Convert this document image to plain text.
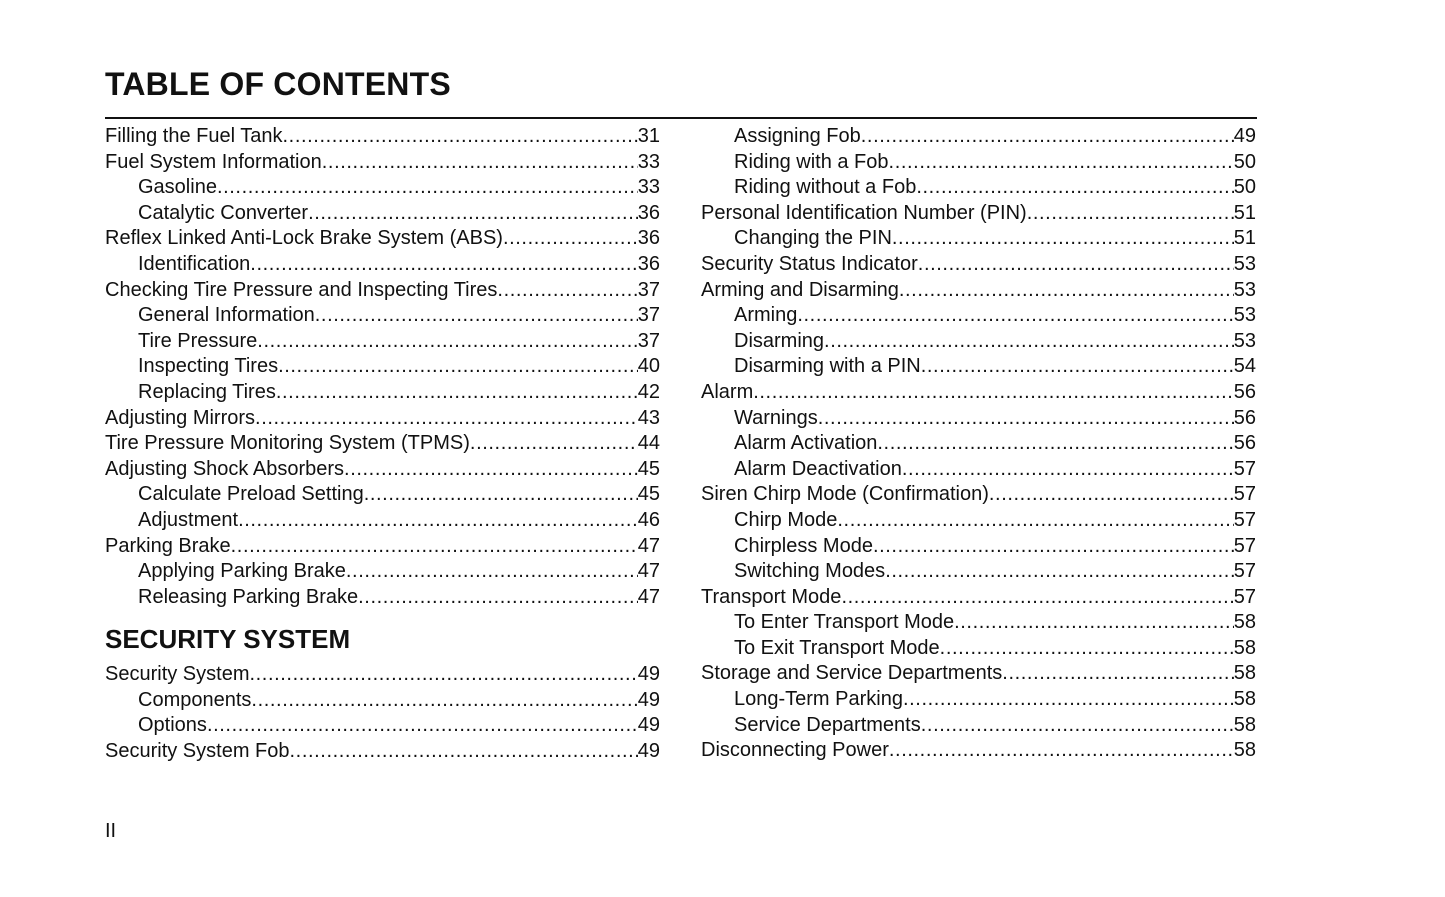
TABLE OF CONTENTS
Filling the Fuel Tank .....	31
Fuel System Information .....	33
Gasoline .....	33
Catalytic Converter .....	36
Reflex Linked Anti-Lock Brake System (ABS) .....	36
Identification .....	36
Checking Tire Pressure and Inspecting Tires .....	37
General Information .....	37
Tire Pressure .....	37
Inspecting Tires .....	40
Replacing Tires .....	42
Adjusting Mirrors .....	43
Tire Pressure Monitoring System (TPMS) .....	44
Adjusting Shock Absorbers .....	45
Calculate Preload Setting .....	45
Adjustment .....	46
Parking Brake .....	47
Applying Parking Brake .....	47
Releasing Parking Brake .....	47
SECURITY SYSTEM
Security System .....	49
Components .....	49
Options .....	49
Security System Fob .....	49
Assigning Fob .....	49
Riding with a Fob .....	50
Riding without a Fob .....	50
Personal Identification Number (PIN) .....	51
Changing the PIN .....	51
Security Status Indicator .....	53
Arming and Disarming .....	53
Arming .....	53
Disarming .....	53
Disarming with a PIN .....	54
Alarm .....	56
Warnings .....	56
Alarm Activation .....	56
Alarm Deactivation .....	57
Siren Chirp Mode (Confirmation) .....	57
Chirp Mode .....	57
Chirpless Mode .....	57
Switching Modes .....	57
Transport Mode .....	57
To Enter Transport Mode .....	58
To Exit Transport Mode .....	58
Storage and Service Departments .....	58
Long-Term Parking .....	58
Service Departments .....	58
Disconnecting Power .....	58
II
